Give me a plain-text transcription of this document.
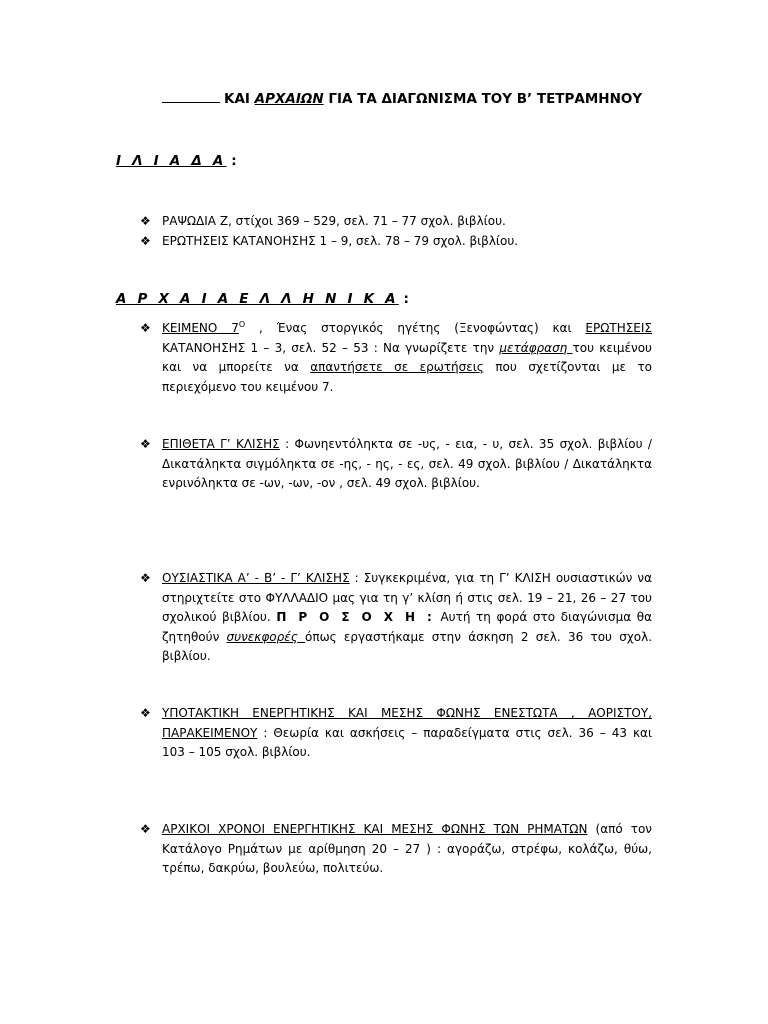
ΚΑΙ ΑΡΧΑΙΩΝ ΓΙΑ ΤΑ ΔΙΑΓΩΝΙΣΜΑ ΤΟΥ Β’ ΤΕΤΡΑΜΗΝΟΥ
Ι Λ Ι Α Δ Α :
❖ ΡΑΨΩΔΙΑ Ζ, στίχοι 369 – 529, σελ. 71 – 77 σχολ. βιβλίου.
❖ ΕΡΩΤΗΣΕΙΣ ΚΑΤΑΝΟΗΣΗΣ 1 – 9, σελ. 78 – 79 σχολ. βιβλίου.
Α Ρ Χ Α Ι Α Ε Λ Λ Η Ν Ι Κ Α :
❖ ΚΕΙΜΕΝΟ $7^O$ , Ένας στοργικός ηγέτης (Ξενοφώντας) και ΕΡΩΤΗΣΕΙΣ ΚΑΤΑΝΟΗΣΗΣ 1 – 3, σελ. 52 – 53 : Να γνωρίζετε την μετάφραση του κειμένου και να μπορείτε να απαντήσετε σε ερωτήσεις που σχετίζονται με το περιεχόμενο του κειμένου 7.
❖ ΕΠΙΘΕΤΑ Γ’ ΚΛΙΣΗΣ : Φωνηεντόληκτα σε -υς, - εια, - υ, σελ. 35 σχολ. βιβλίου / Δικατάληκτα σιγμόληκτα σε -ης, - ης, - ες, σελ. 49 σχολ. βιβλίου / Δικατάληκτα ενρινόληκτα σε -ων, -ων, -ον , σελ. 49 σχολ. βιβλίου.
❖ ΟΥΣΙΑΣΤΙΚΑ Α’ - Β’ - Γ’ ΚΛΙΣΗΣ : Συγκεκριμένα, για τη Γ’ ΚΛΙΣΗ ουσιαστικών να στηριχτείτε στο ΦΥΛΛΑΔΙΟ μας για τη γ’ κλίση ή στις σελ. 19 – 21, 26 – 27 του σχολικού βιβλίου. Π Ρ Ο Σ Ο Χ Η : Αυτή τη φορά στο διαγώνισμα θα ζητηθούν συνεκφορές όπως εργαστήκαμε στην άσκηση 2 σελ. 36 του σχολ. βιβλίου.
❖ ΥΠΟΤΑΚΤΙΚΗ ΕΝΕΡΓΗΤΙΚΗΣ ΚΑΙ ΜΕΣΗΣ ΦΩΝΗΣ ΕΝΕΣΤΩΤΑ , ΑΟΡΙΣΤΟΥ, ΠΑΡΑΚΕΙΜΕΝΟΥ : Θεωρία και ασκήσεις – παραδείγματα στις σελ. 36 – 43 και 103 – 105 σχολ. βιβλίου.
❖ ΑΡΧΙΚΟΙ ΧΡΟΝΟΙ ΕΝΕΡΓΗΤΙΚΗΣ ΚΑΙ ΜΕΣΗΣ ΦΩΝΗΣ ΤΩΝ ΡΗΜΑΤΩΝ (από τον Κατάλογο Ρημάτων με αρίθμηση 20 – 27 ) : αγοράζω, στρέφω, κολάζω, θύω, τρέπω, δακρύω, βουλεύω, πολιτεύω.
